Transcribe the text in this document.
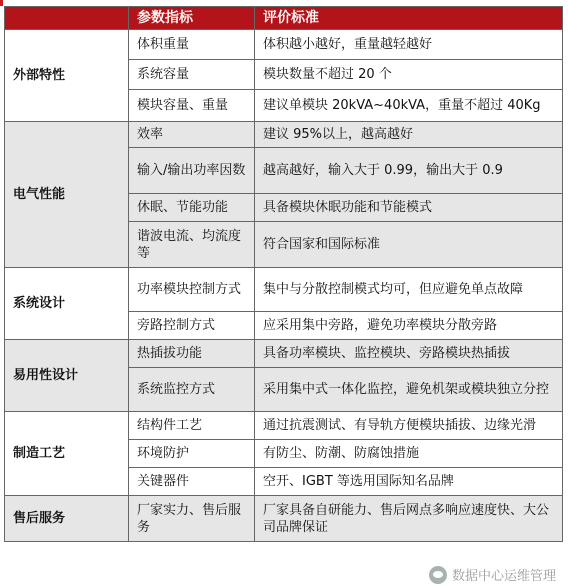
	参数指标	评价标准
外部特性	体积重量	体积越小越好，重量越轻越好
	系统容量	模块数量不超过 20 个
	模块容量、重量	建议单模块 20kVA~40kVA，重量不超过 40Kg
电气性能	效率	建议 95%以上，越高越好
	输入/输出功率因数	越高越好，输入大于 0.99，输出大于 0.9
	休眠、节能功能	具备模块休眠功能和节能模式
	谐波电流、均流度等	符合国家和国际标准
系统设计	功率模块控制方式	集中与分散控制模式均可，但应避免单点故障
	旁路控制方式	应采用集中旁路，避免功率模块分散旁路
易用性设计	热插拔功能	具备功率模块、监控模块、旁路模块热插拔
	系统监控方式	采用集中式一体化监控，避免机架或模块独立分控
制造工艺	结构件工艺	通过抗震测试、有导轨方便模块插拔、边缘光滑
	环境防护	有防尘、防潮、防腐蚀措施
	关键器件	空开、IGBT 等选用国际知名品牌
售后服务	厂家实力、售后服务	厂家具备自研能力、售后网点多响应速度快、大公司品牌保证
数据中心运维管理
